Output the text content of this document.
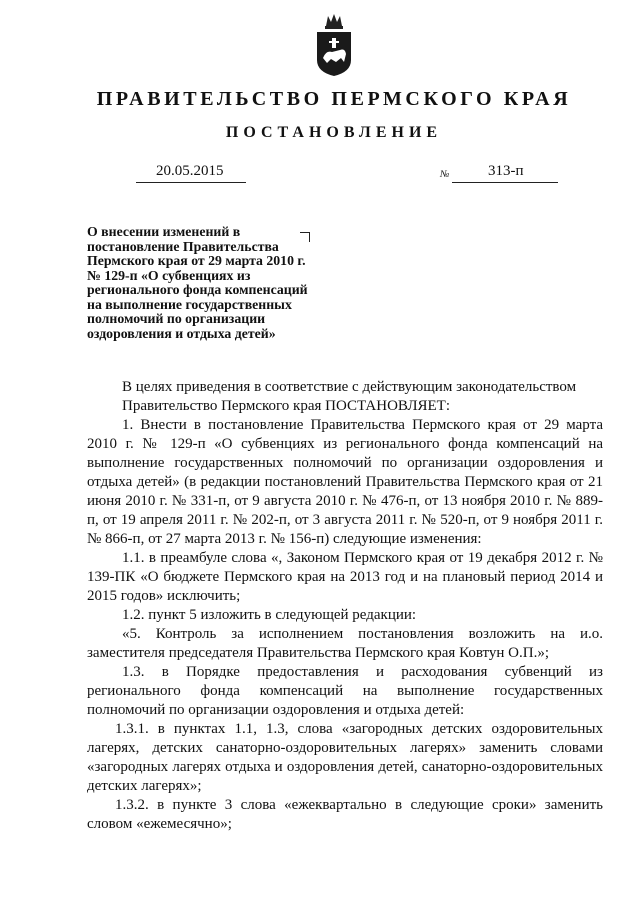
ПРАВИТЕЛЬСТВО ПЕРМСКОГО КРАЯ
ПОСТАНОВЛЕНИЕ
20.05.2015	№	313-п

О внесении изменений в постановление Правительства Пермского края от 29 марта 2010 г. № 129-п «О субвенциях из регионального фонда компенсаций на выполнение государственных полномочий по организации оздоровления и отдыха детей»

В целях приведения в соответствие с действующим законодательством

Правительство Пермского края ПОСТАНОВЛЯЕТ:

1. Внести в постановление Правительства Пермского края от 29 марта 2010 г. № 129-п «О субвенциях из регионального фонда компенсаций на выполнение государственных полномочий по организации оздоровления и отдыха детей» (в редакции постановлений Правительства Пермского края от 21 июня 2010 г. № 331-п, от 9 августа 2010 г. № 476-п, от 13 ноября 2010 г. № 889-п, от 19 апреля 2011 г. № 202-п, от 3 августа 2011 г. № 520-п, от 9 ноября 2011 г. № 866-п, от 27 марта 2013 г. № 156-п) следующие изменения:

1.1. в преамбуле слова «, Законом Пермского края от 19 декабря 2012 г. № 139-ПК «О бюджете Пермского края на 2013 год и на плановый период 2014 и 2015 годов» исключить;

1.2. пункт 5 изложить в следующей редакции:

«5. Контроль за исполнением постановления возложить на и.о. заместителя председателя Правительства Пермского края Ковтун О.П.»;

1.3. в Порядке предоставления и расходования субвенций из регионального фонда компенсаций на выполнение государственных полномочий по организации оздоровления и отдыха детей:

1.3.1. в пунктах 1.1, 1.3, слова «загородных детских оздоровительных лагерях, детских санаторно-оздоровительных лагерях» заменить словами «загородных лагерях отдыха и оздоровления детей, санаторно-оздоровительных детских лагерях»;

1.3.2. в пункте 3 слова «ежеквартально в следующие сроки» заменить словом «ежемесячно»;
